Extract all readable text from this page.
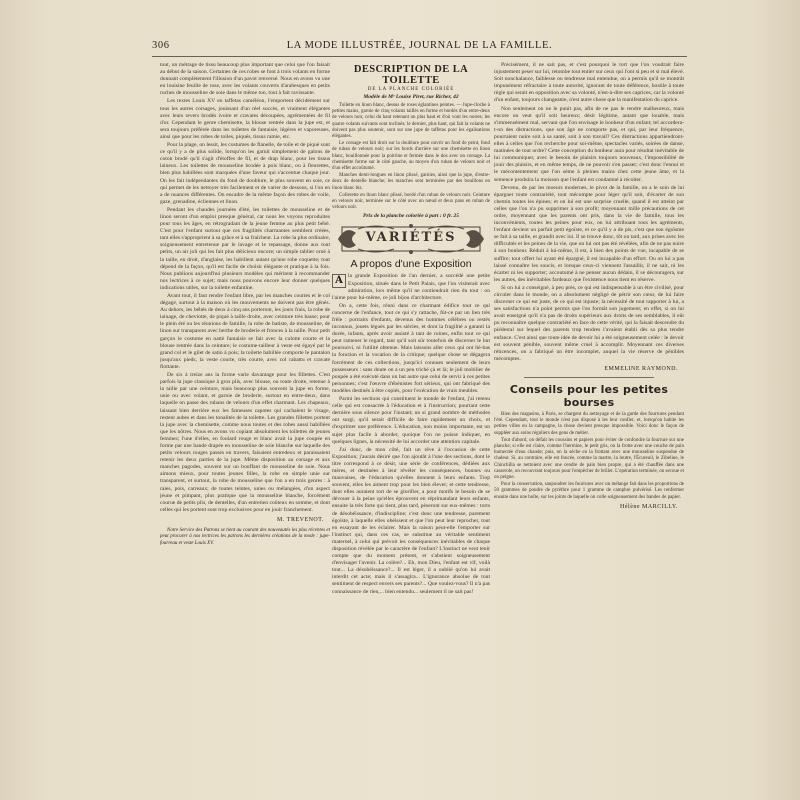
306	LA MODE ILLUSTRÉE, JOURNAL DE LA FAMILLE.

tout, un métrage de tissu beaucoup plus important que celui que l'on faisait au début de la saison. Certaines de ces robes se font à trois volants en forme donnant complètement l'illusion d'un pavot renversé. Nous en avons vu une en louisine feuille de rose, avec les volants couverts d'arabesques en petits ruches de mousseline de soie dans le même ton, tout à fait ravissante.

Les textes Louis XV en taffetas caméléon, l'emportent décidément sur tous les autres corsages, jouissant d'un réel succès, et vraiment élégantes avec leurs revers brodés ivoire et cravates découpées, agrémentées de fil d'or. Cependant le genre chemisette, la blouse rentrée dans la jupe est, et sera toujours préférée dans les toilettes de fantaisie, légères et vaporeuses, ainsi que pour les robes de toiles, piqués, tissus ramie, etc.

Pour la plage, on lessit, les costumes de flanelle, de toile et de piqué sont ce qu'il y a de plus solide, lorsqu'on les garnit simplement de galons de coton brodé qu'il s'agit d'étoffes de fil, et de drap blanc, pour les tissus laineux. Les toilettes de mousseline brodée à pois blanc, ou à fleurettes, bien plus habillées sont marquées d'une faveur qui s'accentue chaque jour. On les fait indépendantes du fond de doublure, le plus souvent en soie, ce qui permet de les nettoyer très facilement et de varier de dessous, si l'on en a de nuances différentes. On encadre de la même façon des robes de voile, gaze, grenadine, écliennes et linon.

Pendant les chaudes journées d'été, les toilettes de mousseline et de linon seront d'un emploi presque général, car nous les voyons reproduites pour tous les âges, en rétrogradant de la jeune femme au plus petit bébé. C'est pour l'enfant surtout que ces fragilités charmantes semblent créées, tant elles s'approprient à sa grâce et à sa fraîcheur. La robe la plus ordinaire, soigneusement entretenue par le lavage et le repassage, donne aux tout petits, un air joli qui les fait plus délicieux encore; un simple tablier orné à la taille, en droit, d'anglaise, les habillent autant qu'une robe coquette; tout dépend de la façon, qu'il est facile de choisir élégante et pratique à la fois. Nous publions aujourd'hui plusieurs modèles qui méritent à recommander nos lectrices à ce sujet; mais nous pouvons encore leur donner quelques indications utiles, sur la toilette enfantine.

Avant tout, il faut rendre l'enfant libre, par les manches courtes et le col dégagé, surtout à la maison où les mouvements ne doivent pas être gênés. Au dehors, les bébés de deux à cinq ans porteront, les jours frais, la robe de lainage, de cheviotte, de piqué à taille droite, avec ceinture très basse; pour le plein été ou les réunions de famille, la robe de batiste, de mousseline, de linon sur transparent avec berthe de broderie et fronces à la taille. Pour petit garçon le costume en nattè fantaisie se fait avec la culotte courte et la blouse rentrée dans la ceinture; le costume-tailleur à veste est égayé par le grand col et le gilet de satin à pois; la toilette habillée comporte le pantalon jusqu'aux pieds, la veste courte, très courte, avec col rabattu et cravate flottante.

De six à treize ans la forme varie davantage pour les fillettes. C'est parfois la jupe classique à gros plis, avec blouse, ou toute droite, retenue à la taille par une ceinture, mais beaucoup plus souvent la jupe en forme, unie ou avec volant, et garnie de broderie, surtout en entre-deux, dans laquelle on passe des rubans de velours d'un effet charmant. Les chapeaux, laissant bien derrière eux les fameuses capotes qui cachaient le visage, restent aubes et dans les tonalités de la toilette. Les grandes fillettes portent la jupe avec la chemisette, comme nous toutes et des robes aussi habillées que les nôtres. Nous en avons vu copiant absolument les toilettes de jeunes femmes; l'une d'elles, en foulard rouge et blanc avait la jupe coupée en forme par une bande drapée en mousseline de soie blanche sur laquelle des petits velours rouges passés en travers, faisaient entredeux et paraissaient retenir les deux parties de la jupe. Même disposition au corsage et aux manches pagodes, souvent sur un bouffant de mousseline de soie. Nous aimons mieux, pour toutes jeunes filles, la robe en simple unie sur transparent, et surtout, la robe de mousseline que l'on a en trois genres : à raies, pois, carreaux; de toutes teintes, unies ou mélangées, d'un aspect jeune et pimpant, plus pratique que la mousseline blanche, forcément courue de petits plis, de dentelles, d'un entretien coûteux en somme, et dont celles qui les portent sont trop exclusives pour en jouir franchement.

M. TREVENOT.

Notre Service des Patrons se tient au courant des nouveautés les plus récentes et peut procurer à nos lectrices les patrons les dernières créations de la mode : jupe-fourreau et veste Louis XV.

DESCRIPTION DE LA TOILETTE
DE LA PLANCHE COLORIÉE
Modèle de Mᵉ Louise Piret, rue Richer, 42

Toilette en linon blanc, dessus de roses églantines peintes. — Jupe-cloche à petites mains, garnie de cinq volants taillés en forme et bordés d'un entre-deux de velours noir, celui du haut retenant un plus haut et d'où vont les noires; les quatre volants suivants sont inclinés; le dernier, plus haut, qui fait la volants ne doivent pas plus soutenir, sont sur une jupe de taffetas pour les égalisations élégantes.

Le corsage est fait droit sur la doublure pour ouvrir un fond de peint, fond de ruban de velours noir; sur les bords d'arrière sur une chemisette en linon blanc, bouillonnée pour la poitrine et fermée dans le dos avec un corsage. La chemisette forme sur le côté gauche, au moyen d'un ruban de velours noir et d'un effet accoûtumé.

Manches demi-longues en linon plissé, garnies, ainsi que la jupe, d'entre-deux de dentelle blanche; les manches sont terminées par des bouillons en linon blanc bis.

Collerette en linon blanc plissé, bordé d'un ruban de velours noir. Ceinture en velours noir, terminée sur le côté avec un nœud et deux pans en ruban de velours noir.

Prix de la planche coloriée à part : 0 fr. 25
VARIÉTÉS
A propos d'une Exposition
A la grande Exposition de l'an dernier, a succédé une petite Exposition, située dans le Petit Palais, que l'on visiterait avec admiration, lors même qu'il ne contiendrait rien du tout : on l'aime pour lui-même, ce joli bijou d'architecture.

On a, cette fois, réuni dans ce charmant édifice tout ce qui concerne de l'enfance, tout ce qui s'y rattache, fût-ce par un lien très frêle : portraits d'enfants, devenus des hommes célèbres ou restés inconnus, jouets légués par les siècles, et dont la fragilité a garanti la durée, infants, après avoir assisté à tant de ruines, enfin tout ce qui peut ramener le regard, tant qu'il soit sûr toutefois de discerner le but poursuivi, ni l'utilité obtenue. Mais laissons aller ceux qui ont lié-bas la fonction et la vocation de la critique; quelque chose se dégagera forcément de ces collections, jusqu'ici connues seulement de leurs possesseurs : sans doute on a un peu triché çà et là; le joli mobilier de poupée a été exécuté dans un but autre que celui de servir à ces petites personnes; c'est l'œuvre d'ébénistes fort sérieux, qui ont fabriqué des modèles destinés à être copiés, pour l'exécution de vrais meubles.

Parmi les sections qui constituent le monde de l'enfant, j'ai retenu celle qui est consacrée à l'éducation et à l'instruction; pourtant cette dernière sous silence pour l'instant; un si grand nombre de méthodes ont surgi, qu'il serait difficile de faire rapidement un choix, et d'exprimer une préférence. L'éducation, non moins importante, est un sujet plus facile à aborder, quoique l'on ne puisse indiquer, en quelques lignes, la nécessité de lui accorder une attention capitale.

J'ai donc, de mon côté, fait un rêve à l'occasion de cette Exposition; j'aurais désiré que l'on ajoutât à l'une des sections, dont le titre correspond à ce désir, une série de conférences, dédiées aux mères, et destinées à leur révéler les conséquences, bonnes ou mauvaises, de l'éducation qu'elles donnent à leurs enfants. Trop souvent, elles les aiment trop pour les bien élever; et cette tendresse, dont elles auraient tort de se glorifier, a pour motifs le besoin de se dévouer à la peine qu'elles éprouvent en réprimandant leurs enfants, ensuite la très forte qui tient, plus tard, pèseront sur eux-mêmes : torts de désobéissance, d'indiscipline; c'est donc une tendresse, parement égoïste, à laquelle elles obéissent et que l'on peut leur reprocher, tout en essayant de les éclairer. Mais la raison peut-elle l'emporter sur l'instinct qui, dans ces cas, se substitue au véritable sentiment maternel, à celui qui prévoit les conséquences inévitables de chaque disposition révélée par le caractère de l'enfant? L'instinct ne veut tenir compte que du moment présent, et s'abstient soigneusement d'envisager l'avenir. La colère?... Eh, mon Dieu, l'enfant est vif, voilà tout... La désobéissance?... Il est léger, il a oublié qu'on lui avait interdit cet acte; mais il s'assagira... L'ignorance absolue de tout sentiment de respect envers ses parents?... Que voulez-vous? Il n'a pas connaissance de rien,... bien entendu... seulement il ne sait pas!

Précisément, il ne sait pas, et c'est pourquoi le tort que l'on voudrait faire injustement peser sur lui, retombe tout entier sur ceux qui l'ont si peu et si mal élevé. Soit nonchalance, faiblesse ou tendresse mal entendue, on a permis qu'il se montrât impunément réfractaire à toute autorité, ignorant de toute déférence, hostile à toute règle qui serait en opposition avec sa volonté, n'est-à-dire ses caprices, car la volonté d'un enfant, toujours changeante, n'est autre chose que la manifestation du caprice.

Non seulement on ne le punit pas, afin de ne pas le rendre malheureux, mais encore on veut qu'il soit heureux; désir légitime, autant que louable, mais s'immensément mal, servant que l'on envisage le bonheur d'un enfant; tel accordera-t-on des distractions, que son âge ne comporte pas, et qui, par leur fréquence, pourraient nuire soit à sa santé, soit à son travail? Ces distractions appartiendront-elles à celles que l'on recherche pour soi-même, spectacles variés, soirées de danse, matinées de tout ordre? Cette conception du bonheur aura pour résultat inévitable de lui communiquer, avec le besoin de plaisirs toujours nouveaux, l'impossibilité de jouir des plaisirs, et en même temps, de ne pouvoir s'en passer; c'est donc l'ennui et le mécontentement que l'on sème à pleines mains chez cette jeune âme, et la semence produira la moisson que l'enfant est condamné à récolter.

Devenu, de par les moeurs modernes, le pivot de la famille, on a le soin de lui épargner toute contrariété, tout mécompte pour léger qu'il soit, d'écarter de son chemin toutes les épines; et on lui est une surprise cruelle, quand il est atteint par celles que l'on n'a pu supprimer à son profit; moyennant mille précautions de cet ordre, moyennant que les parents ont pris, dans la vie de famille, tous les inconvénients, toutes les peines pour eux, on lui attribuant tous les agréments, l'enfant devient un parfait petit égoïste, et ce qu'il y a de pis, c'est que son égoïsme se fait à sa taille, et grandit avec lui. Il se trouve donc, tôt ou tard, aux prises avec les difficultés et les peines de la vie, que on lui ont pas été révélées, afin de ne pas nuire à son bonheur. Réduit à lui-même, il est, à bien des points de vue, incapable de se suffire; tout offert lui ayant été épargné, il est incapable d'un effort. Ou on lui a pas laissé connaître les soucis, et lorsque ceux-ci viennent l'assaillir, il ne sait, ni les écarter ni les supporter; accoutumé à ne penser aucun dédain, il se découragera, sur les autres, des inévitables fardeaux que l'existence nous tient en réserve.

Si on lui a conseigné, à peu près, ce qui est indispensable à un être civilisé, pour circuler dans le monde, on a absolument négligé de pétrir son cœur, de lui faire discerner ce qui est juste, de ce qui est injuste; la nécessité de tout rapporter à lui, a ses satisfactions n'a point permis que l'on formât son jugement; en effet, si on lui avait enseigné qu'il n'a pas de droits supérieurs aux droits de ses semblables, il eût pu reconnaître quelque contrariété en face de cette vérité, qui la faisait descendre du piédestal sur lequel des parents trop tendres l'avaient établi dès sa plus tendre enfance. C'est ainsi que toute idée de devoir lui a été soigneusement celée : le devoir est souvent pénible, souvent même cruel à accomplir. Moyennant ces diverses réticences, on a fabriqué un être incomplet, auquel la vie réserve de pénibles mécomptes.

EMMELINE RAYMOND.
Conseils pour les petites bourses

Bien des magasins, à Paris, se chargent du nettoyage et de la garde des fourrures pendant l'été. Cependant, tout le monde n'est pas disposé à les leur confier, et, lorsqu'on habite les petites villes ou la campagne, la chose devient presque impossible. Voici donc le façon de suppléer aux soins réguliers des gens de métier.

Tout d'abord, on défait les coussins et papiers pour éviter de confondre la fourrure sur une planche; si elle est claire, comme l'hermine, le petit gris, on la frotte avec une couche de pain humectée d'eau chaude; puis, on la sèche en la frottant avec une mousseline suspendue de chaleur. Si, au contraire, elle est foncée, comme la martre, la loutre, l'Écureuil, le Zibeline, le Chinchilla se nettoient avec une cendre de pain bien propre, qui a été chauffée dans une casserole, on recouvrant toujours pour l'empêcher de brûler. L'opération terminée, on secoue et on peigne.

Pour la conservation, saupoudrer les fourrures avec un mélange fait dans les proportions de 50 grammes de poudre de pyrèthre pour 1 gramme de camphre pulvérisé. Les renfermer ensuite dans une boîte, sur les joints de laquelle on colle soigneusement des bandes de papier.

Hélène MARCILLY.
